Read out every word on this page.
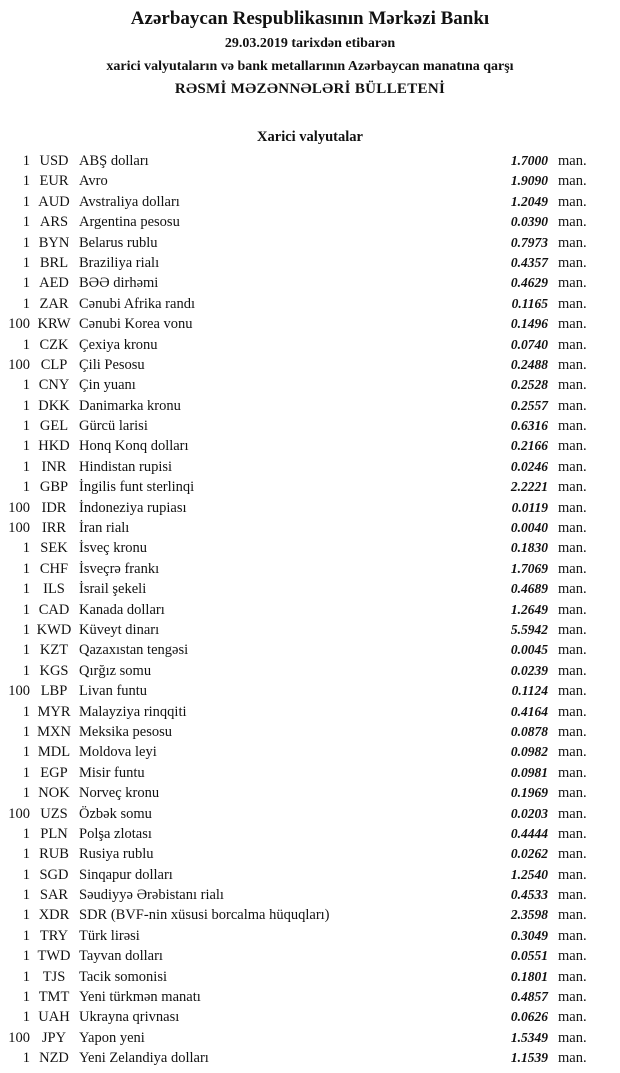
Azərbaycan Respublikasının Mərkəzi Bankı
29.03.2019 tarixdən etibarən
xarici valyutaların və bank metallarının Azərbaycan manatına qarşı
RƏSMİ MƏZƏNNƏLƏRİ BÜLLETENİ
Xarici valyutalar
1 USD ABŞ dolları	1.7000 man.
1 EUR Avro	1.9090 man.
1 AUD Avstraliya dolları	1.2049 man.
1 ARS Argentina pesosu	0.0390 man.
1 BYN Belarus rublu	0.7973 man.
1 BRL Braziliya rialı	0.4357 man.
1 AED BƏƏ dirhəmi	0.4629 man.
1 ZAR Cənubi Afrika randı	0.1165 man.
100 KRW Cənubi Korea vonu	0.1496 man.
1 CZK Çexiya kronu	0.0740 man.
100 CLP Çili Pesosu	0.2488 man.
1 CNY Çin yuanı	0.2528 man.
1 DKK Danimarka kronu	0.2557 man.
1 GEL Gürcü larisi	0.6316 man.
1 HKD Honq Konq dolları	0.2166 man.
1 INR Hindistan rupisi	0.0246 man.
1 GBP İngilis funt sterlinqi	2.2221 man.
100 IDR İndoneziya rupiası	0.0119 man.
100 IRR İran rialı	0.0040 man.
1 SEK İsveç kronu	0.1830 man.
1 CHF İsveçrə frankı	1.7069 man.
1 ILS İsrail şekeli	0.4689 man.
1 CAD Kanada dolları	1.2649 man.
1 KWD Küveyt dinarı	5.5942 man.
1 KZT Qazaxıstan tengəsi	0.0045 man.
1 KGS Qırğız somu	0.0239 man.
100 LBP Livan funtu	0.1124 man.
1 MYR Malayziya rinqqiti	0.4164 man.
1 MXN Meksika pesosu	0.0878 man.
1 MDL Moldova leyi	0.0982 man.
1 EGP Misir funtu	0.0981 man.
1 NOK Norveç kronu	0.1969 man.
100 UZS Özbək somu	0.0203 man.
1 PLN Polşa zlotası	0.4444 man.
1 RUB Rusiya rublu	0.0262 man.
1 SGD Sinqapur dolları	1.2540 man.
1 SAR Səudiyyə Ərəbistanı rialı	0.4533 man.
1 XDR SDR (BVF-nin xüsusi borcalma hüquqları)	2.3598 man.
1 TRY Türk lirəsi	0.3049 man.
1 TWD Tayvan dolları	0.0551 man.
1 TJS Tacik somonisi	0.1801 man.
1 TMT Yeni türkmən manatı	0.4857 man.
1 UAH Ukrayna qrivnası	0.0626 man.
100 JPY Yapon yeni	1.5349 man.
1 NZD Yeni Zelandiya dolları	1.1539 man.
